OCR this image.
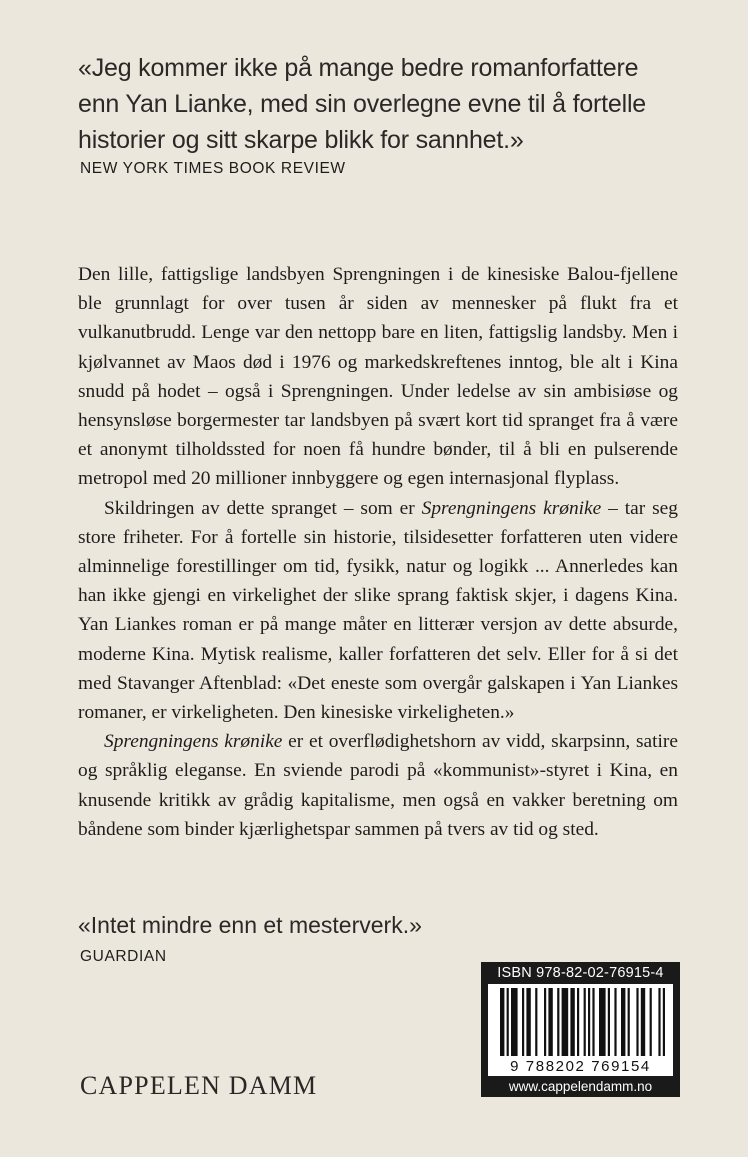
«Jeg kommer ikke på mange bedre romanforfattere enn Yan Lianke, med sin overlegne evne til å fortelle historier og sitt skarpe blikk for sannhet.»
NEW YORK TIMES BOOK REVIEW

Den lille, fattigslige landsbyen Sprengningen i de kinesiske Balou-fjellene ble grunnlagt for over tusen år siden av mennesker på flukt fra et vulkanutbrudd. Lenge var den nettopp bare en liten, fattigslig landsby. Men i kjølvannet av Maos død i 1976 og markedskreftenes inntog, ble alt i Kina snudd på hodet – også i Sprengningen. Under ledelse av sin ambisiøse og hensynsløse borgermester tar landsbyen på svært kort tid spranget fra å være et anonymt tilholdssted for noen få hundre bønder, til å bli en pulserende metropol med 20 millioner innbyggere og egen internasjonal flyplass.

Skildringen av dette spranget – som er Sprengningens krønike – tar seg store friheter. For å fortelle sin historie, tilsidesetter forfatteren uten videre alminnelige forestillinger om tid, fysikk, natur og logikk ... Annerledes kan han ikke gjengi en virkelighet der slike sprang faktisk skjer, i dagens Kina. Yan Liankes roman er på mange måter en litterær versjon av dette absurde, moderne Kina. Mytisk realisme, kaller forfatteren det selv. Eller for å si det med Stavanger Aftenblad: «Det eneste som overgår galskapen i Yan Liankes romaner, er virkeligheten. Den kinesiske virkeligheten.»

Sprengningens krønike er et overflødighetshorn av vidd, skarpsinn, satire og språklig eleganse. En sviende parodi på «kommunist»-styret i Kina, en knusende kritikk av grådig kapitalisme, men også en vakker beretning om båndene som binder kjærlighetspar sammen på tvers av tid og sted.

«Intet mindre enn et mesterverk.»
GUARDIAN
CAPPELEN DAMM
ISBN 978-82-02-76915-4
9 788202 769154
www.cappelendamm.no
